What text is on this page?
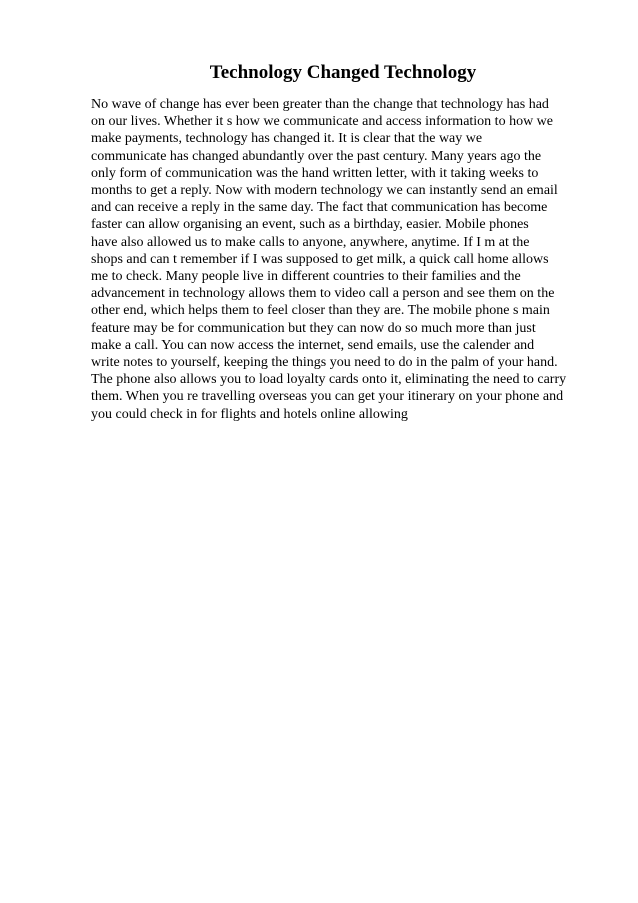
Technology Changed Technology
No wave of change has ever been greater than the change that technology has had
on our lives. Whether it s how we communicate and access information to how we
make payments, technology has changed it. It is clear that the way we
communicate has changed abundantly over the past century. Many years ago the
only form of communication was the hand written letter, with it taking weeks to
months to get a reply. Now with modern technology we can instantly send an email
and can receive a reply in the same day. The fact that communication has become
faster can allow organising an event, such as a birthday, easier. Mobile phones
have also allowed us to make calls to anyone, anywhere, anytime. If I m at the
shops and can t remember if I was supposed to get milk, a quick call home allows
me to check. Many people live in different countries to their families and the
advancement in technology allows them to video call a person and see them on the
other end, which helps them to feel closer than they are. The mobile phone s main
feature may be for communication but they can now do so much more than just
make a call. You can now access the internet, send emails, use the calender and
write notes to yourself, keeping the things you need to do in the palm of your hand.
The phone also allows you to load loyalty cards onto it, eliminating the need to carry
them. When you re travelling overseas you can get your itinerary on your phone and
you could check in for flights and hotels online allowing
